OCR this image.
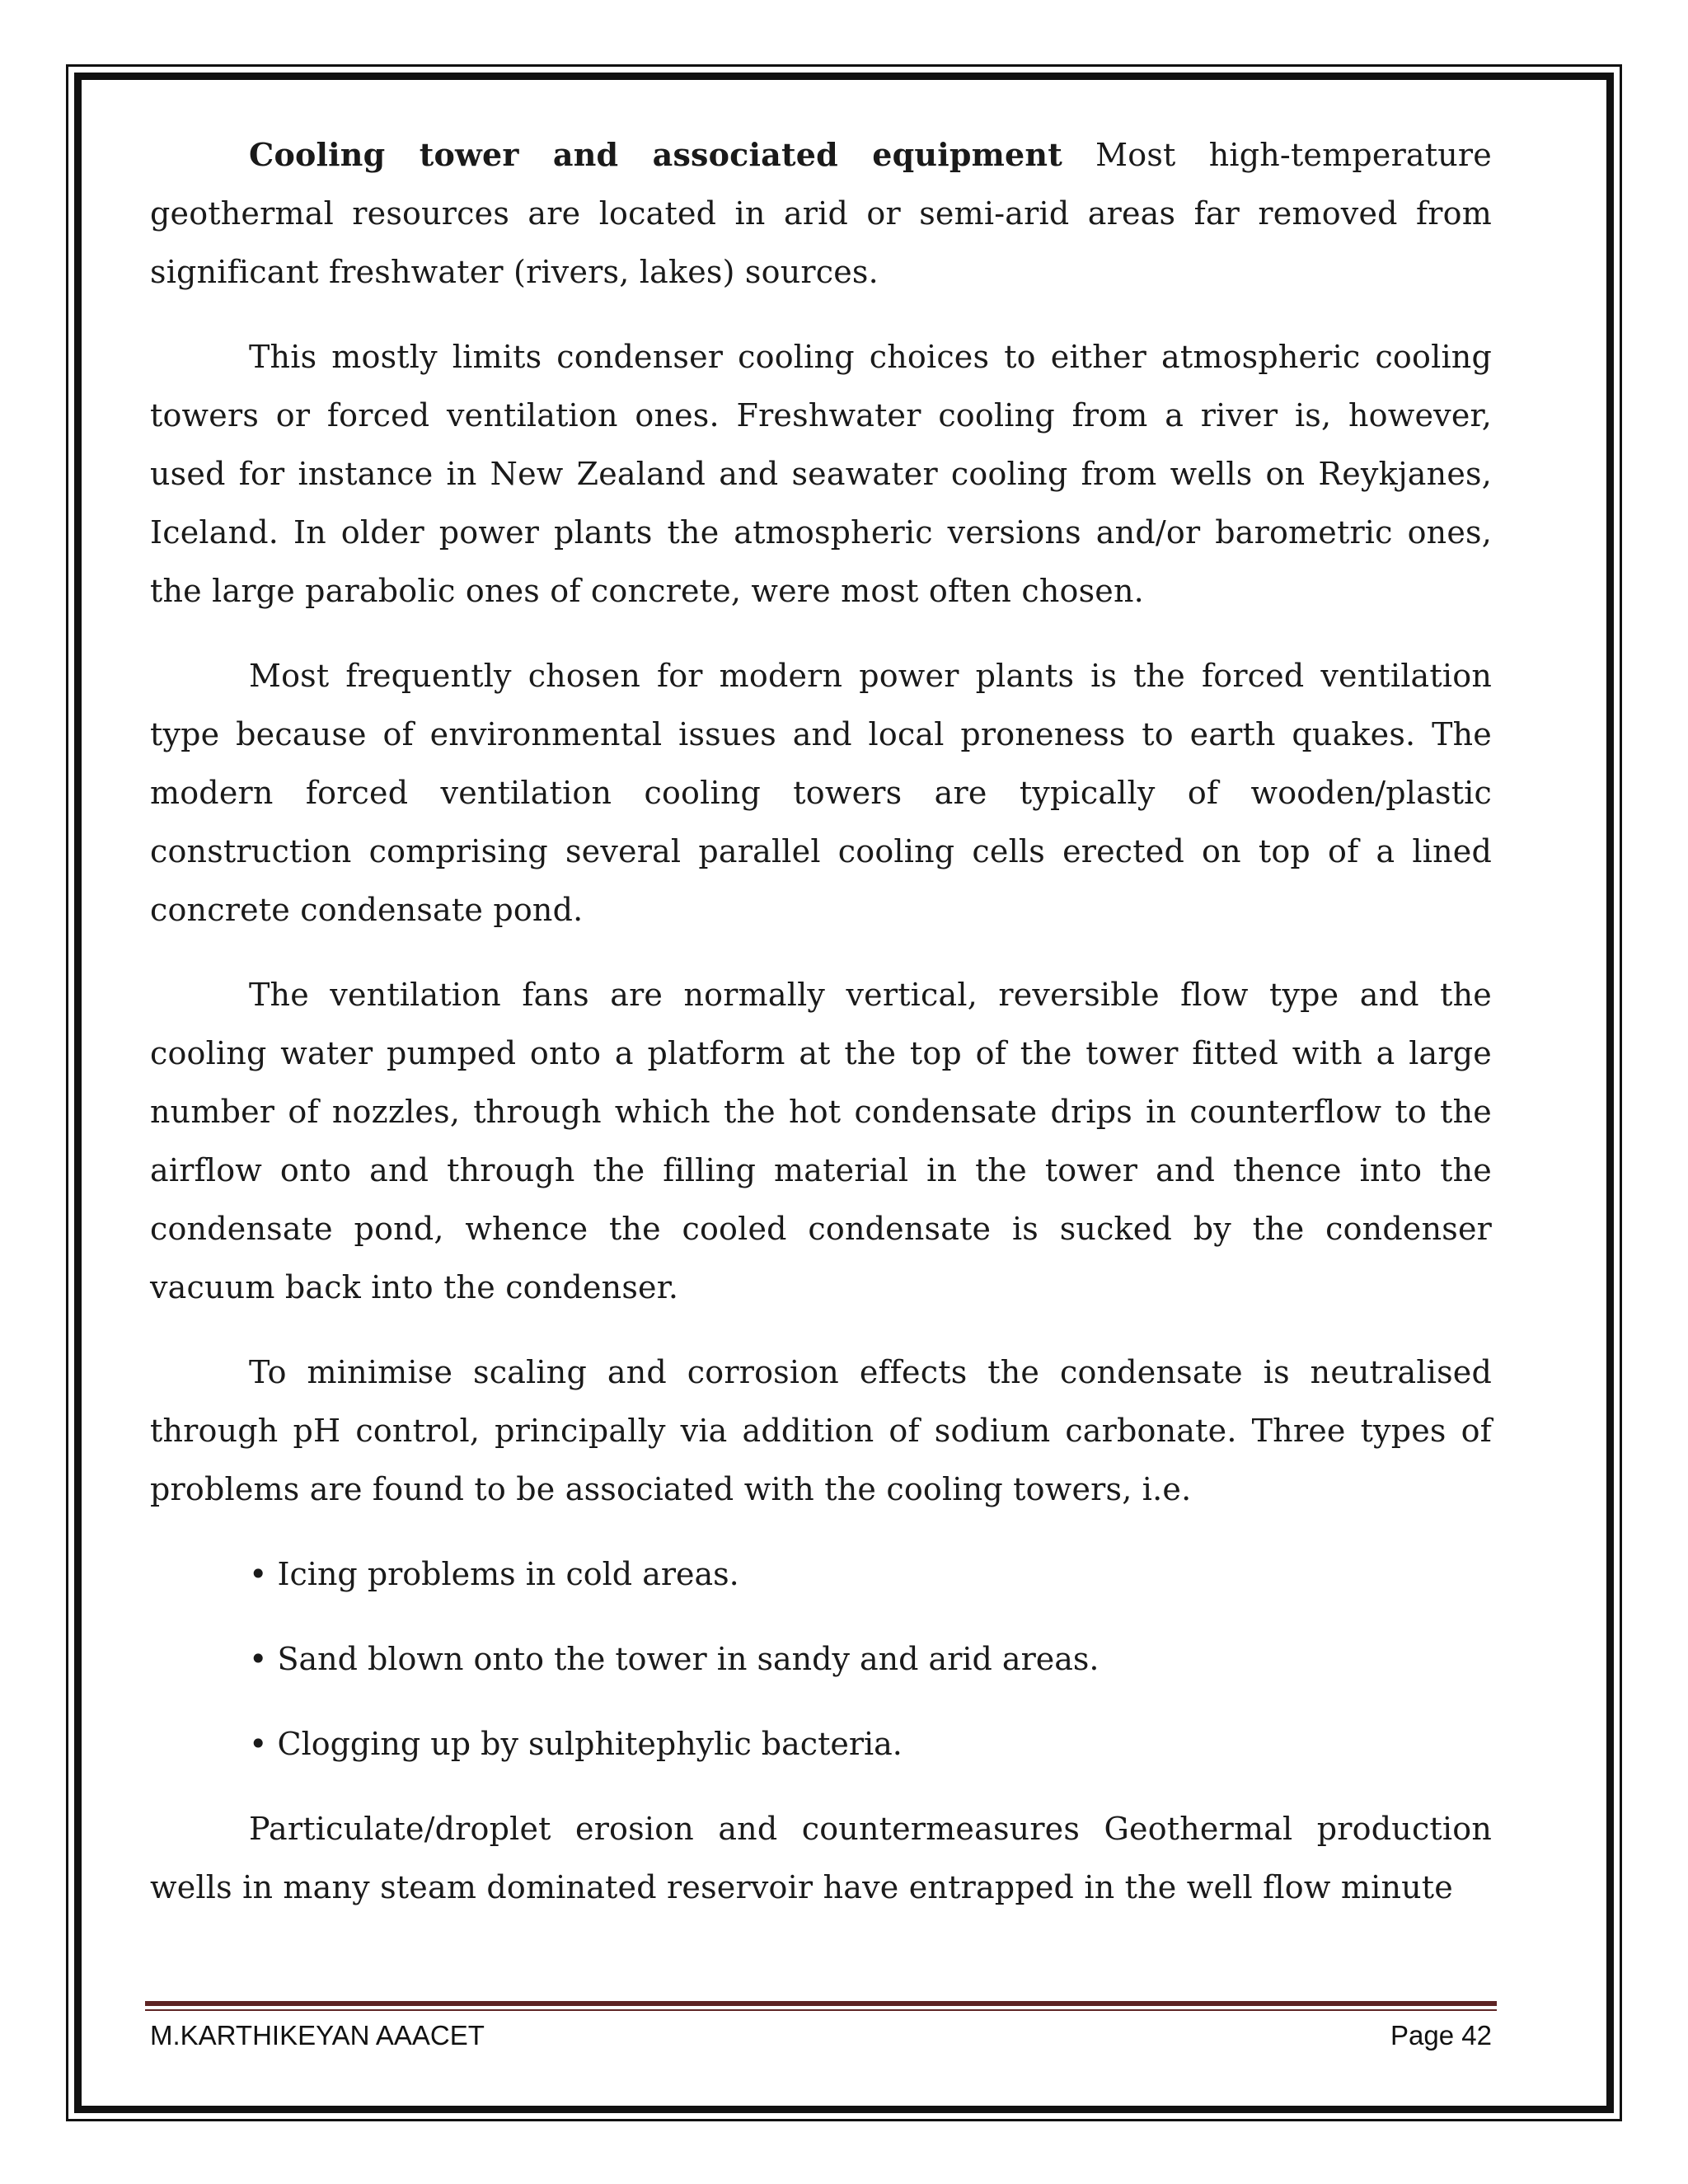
Cooling tower and associated equipment Most high-temperature geothermal resources are located in arid or semi-arid areas far removed from significant freshwater (rivers, lakes) sources.

This mostly limits condenser cooling choices to either atmospheric cooling towers or forced ventilation ones. Freshwater cooling from a river is, however, used for instance in New Zealand and seawater cooling from wells on Reykjanes, Iceland. In older power plants the atmospheric versions and/or barometric ones, the large parabolic ones of concrete, were most often chosen.

Most frequently chosen for modern power plants is the forced ventilation type because of environmental issues and local proneness to earth quakes. The modern forced ventilation cooling towers are typically of wooden/plastic construction comprising several parallel cooling cells erected on top of a lined concrete condensate pond.

The ventilation fans are normally vertical, reversible flow type and the cooling water pumped onto a platform at the top of the tower fitted with a large number of nozzles, through which the hot condensate drips in counterflow to the airflow onto and through the filling material in the tower and thence into the condensate pond, whence the cooled condensate is sucked by the condenser vacuum back into the condenser.

To minimise scaling and corrosion effects the condensate is neutralised through pH control, principally via addition of sodium carbonate. Three types of problems are found to be associated with the cooling towers, i.e.

• Icing problems in cold areas.
• Sand blown onto the tower in sandy and arid areas.
• Clogging up by sulphitephylic bacteria.

Particulate/droplet erosion and countermeasures Geothermal production wells in many steam dominated reservoir have entrapped in the well flow minute

M.KARTHIKEYAN AAACET	Page 42
